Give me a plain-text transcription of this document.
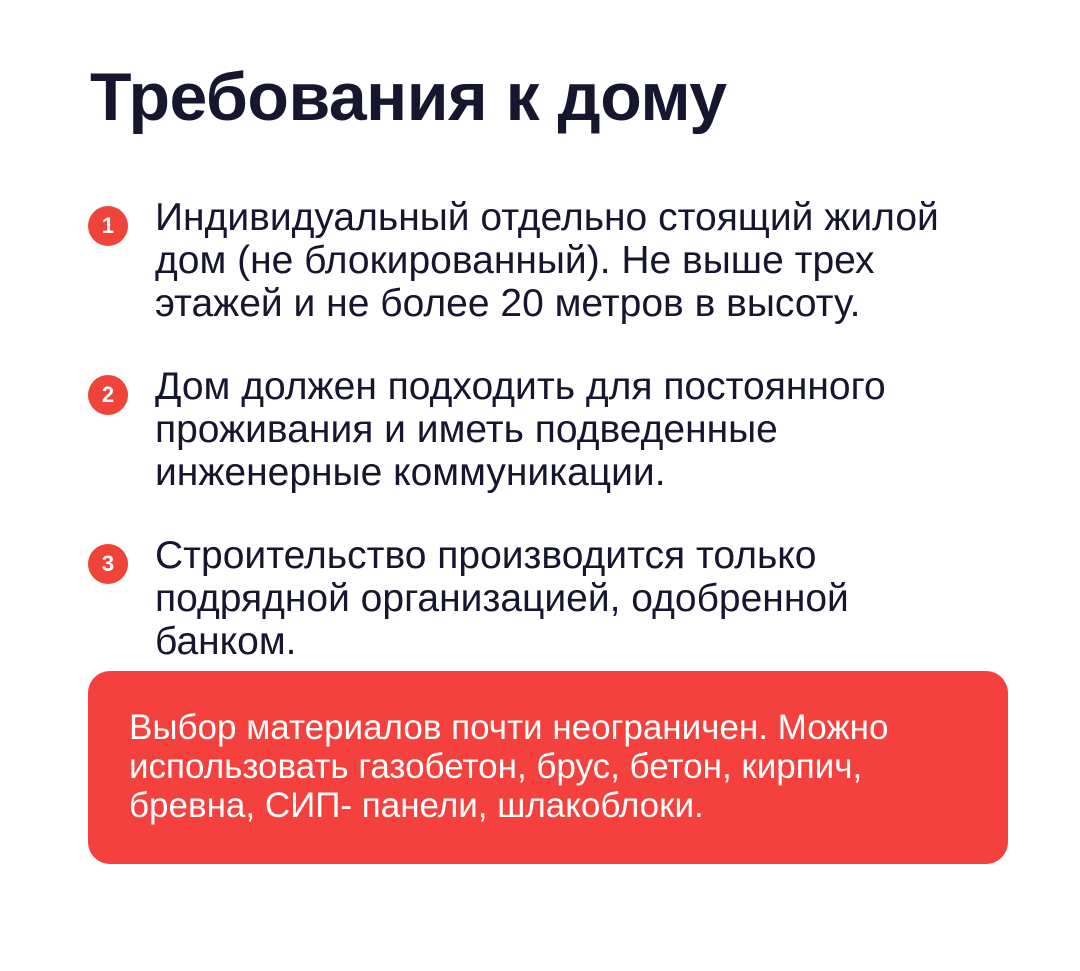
Требования к дому
1	Индивидуальный отдельно стоящий жилой дом (не блокированный). Не выше трех этажей и не более 20 метров в высоту.
2	Дом должен подходить для постоянного проживания и иметь подведенные инженерные коммуникации.
3	Строительство производится только подрядной организацией, одобренной банком.
Выбор материалов почти неограничен. Можно использовать газобетон, брус, бетон, кирпич, бревна, СИП- панели, шлакоблоки.
